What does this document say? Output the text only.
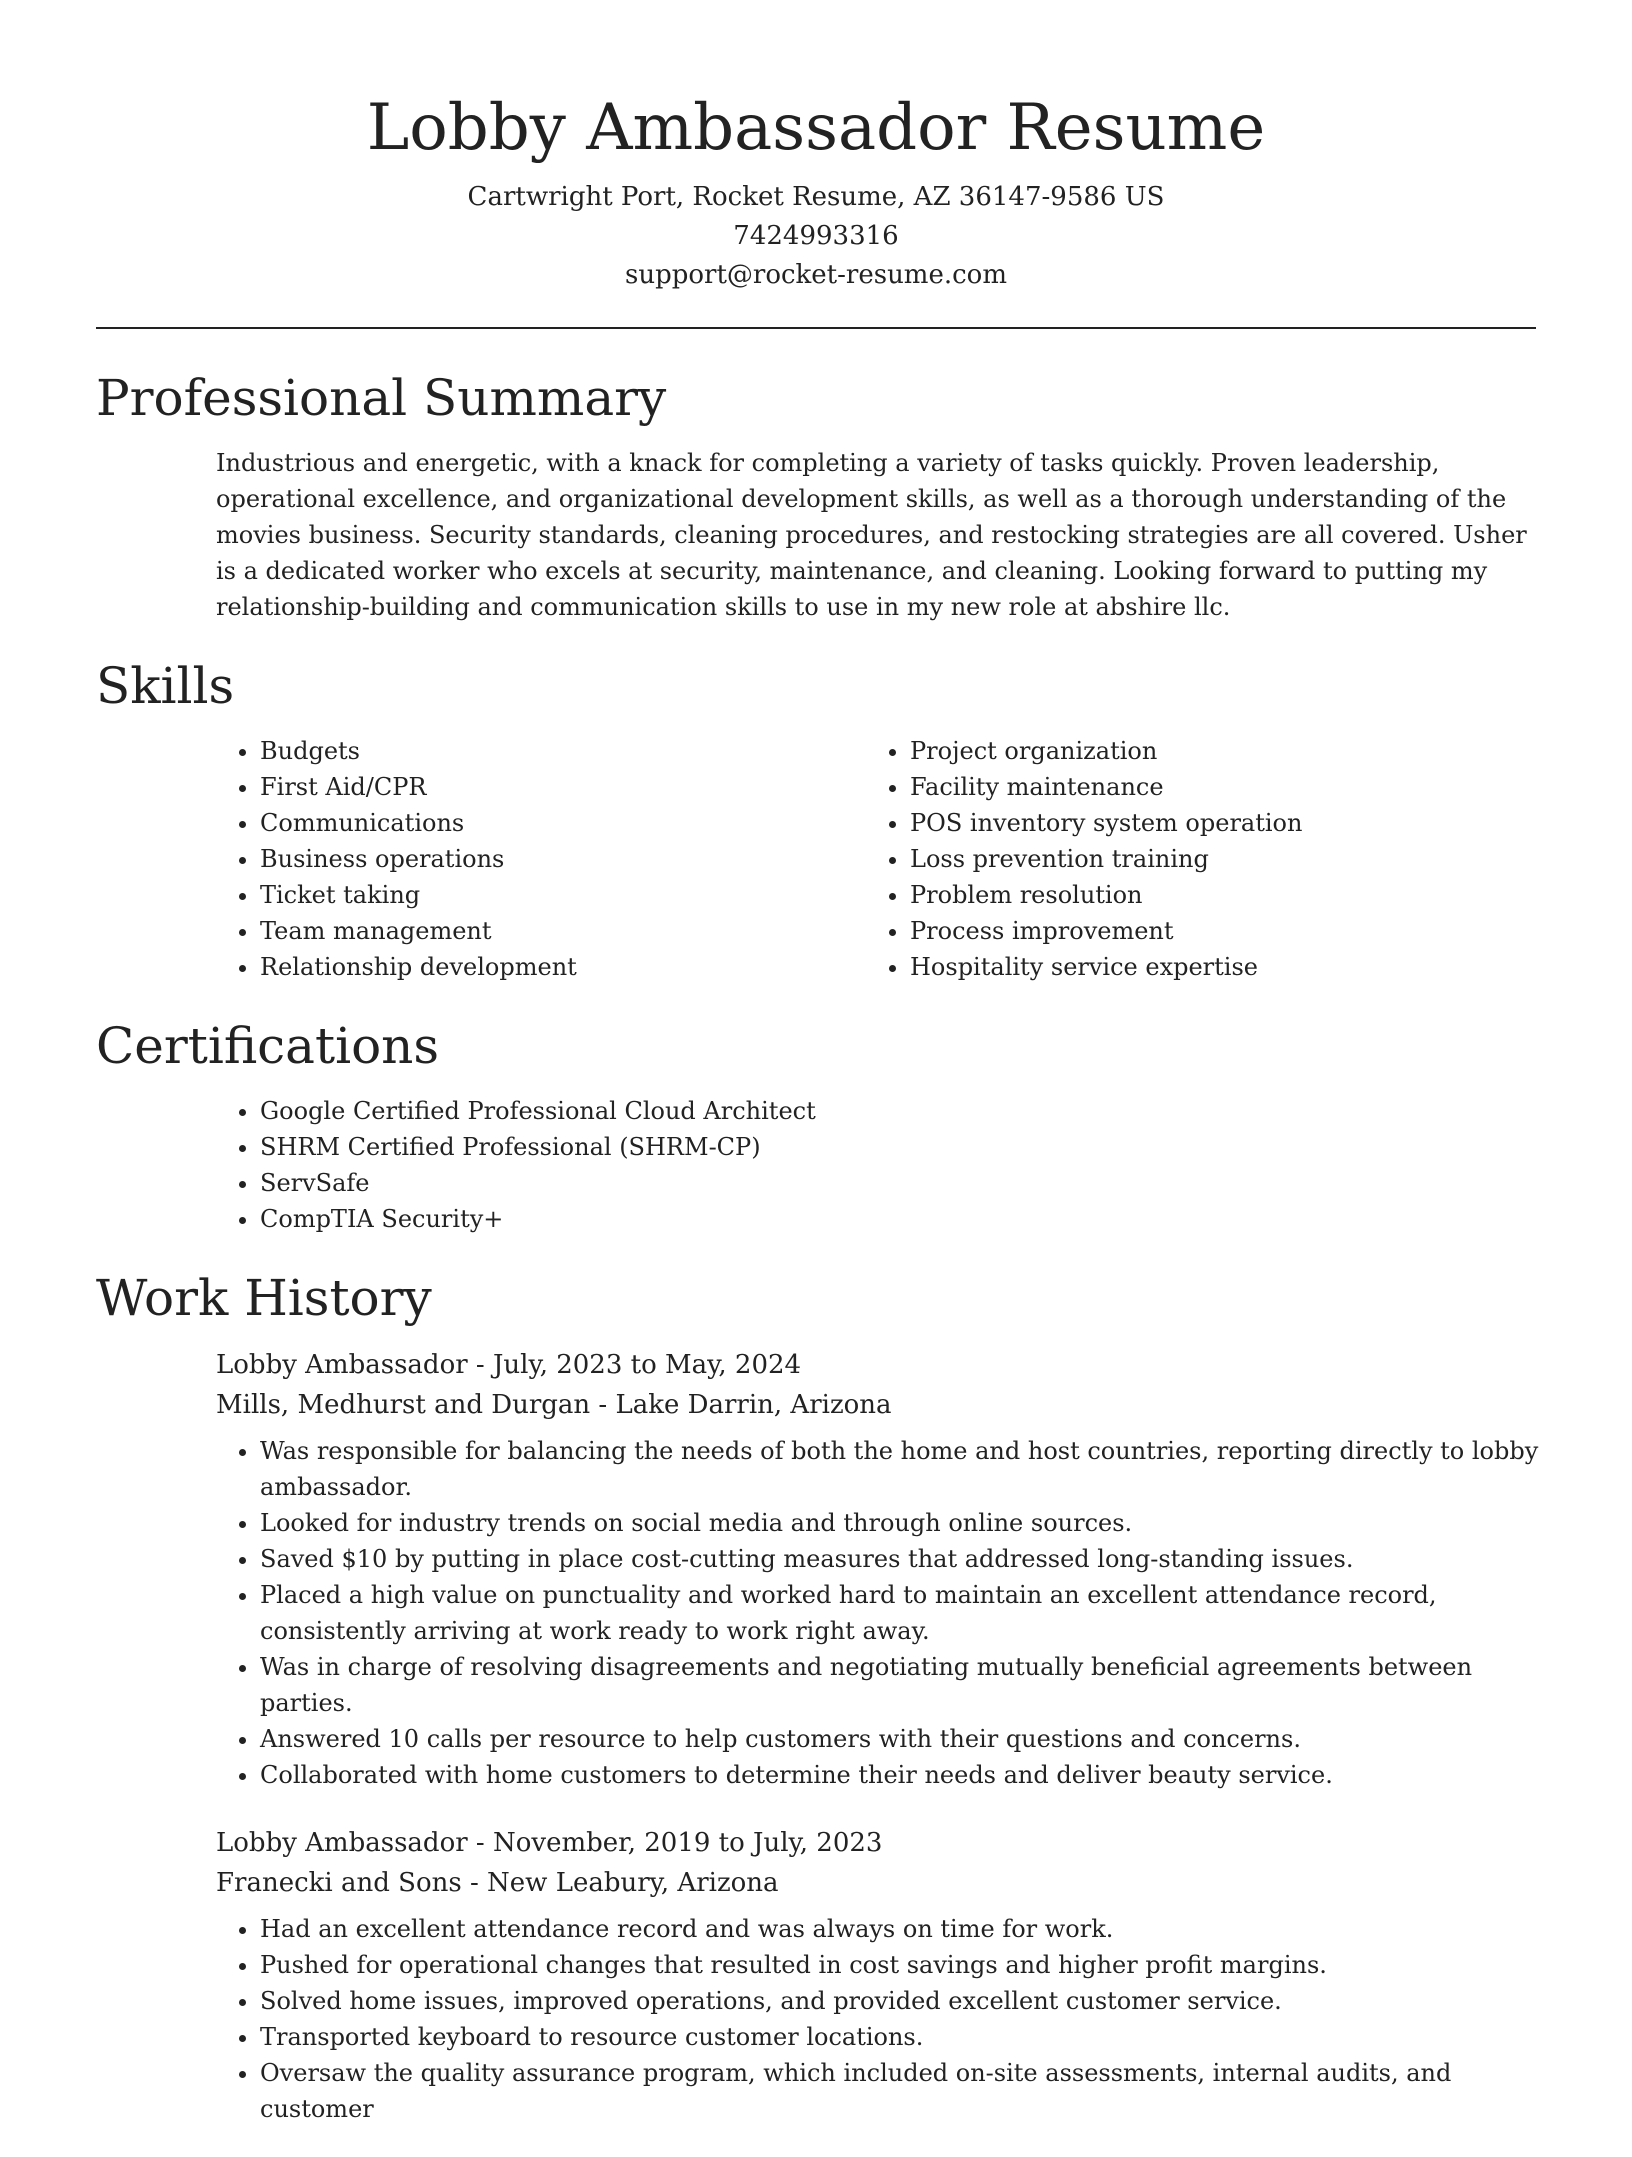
Lobby Ambassador Resume
Cartwright Port, Rocket Resume, AZ 36147-9586 US
7424993316
support@rocket-resume.com
Professional Summary

Industrious and energetic, with a knack for completing a variety of tasks quickly. Proven leadership, operational excellence, and organizational development skills, as well as a thorough understanding of the movies business. Security standards, cleaning procedures, and restocking strategies are all covered. Usher is a dedicated worker who excels at security, maintenance, and cleaning. Looking forward to putting my relationship-building and communication skills to use in my new role at abshire llc.

Skills
• Budgets
• First Aid/CPR
• Communications
• Business operations
• Ticket taking
• Team management
• Relationship development
• Project organization
• Facility maintenance
• POS inventory system operation
• Loss prevention training
• Problem resolution
• Process improvement
• Hospitality service expertise
Certifications
• Google Certified Professional Cloud Architect
• SHRM Certified Professional (SHRM-CP)
• ServSafe
• CompTIA Security+
Work History
Lobby Ambassador - July, 2023 to May, 2024
Mills, Medhurst and Durgan - Lake Darrin, Arizona
• Was responsible for balancing the needs of both the home and host countries, reporting directly to lobby ambassador.
• Looked for industry trends on social media and through online sources.
• Saved $10 by putting in place cost-cutting measures that addressed long-standing issues.
• Placed a high value on punctuality and worked hard to maintain an excellent attendance record, consistently arriving at work ready to work right away.
• Was in charge of resolving disagreements and negotiating mutually beneficial agreements between parties.
• Answered 10 calls per resource to help customers with their questions and concerns.
• Collaborated with home customers to determine their needs and deliver beauty service.
Lobby Ambassador - November, 2019 to July, 2023
Franecki and Sons - New Leabury, Arizona
• Had an excellent attendance record and was always on time for work.
• Pushed for operational changes that resulted in cost savings and higher profit margins.
• Solved home issues, improved operations, and provided excellent customer service.
• Transported keyboard to resource customer locations.
• Oversaw the quality assurance program, which included on-site assessments, internal audits, and customer
